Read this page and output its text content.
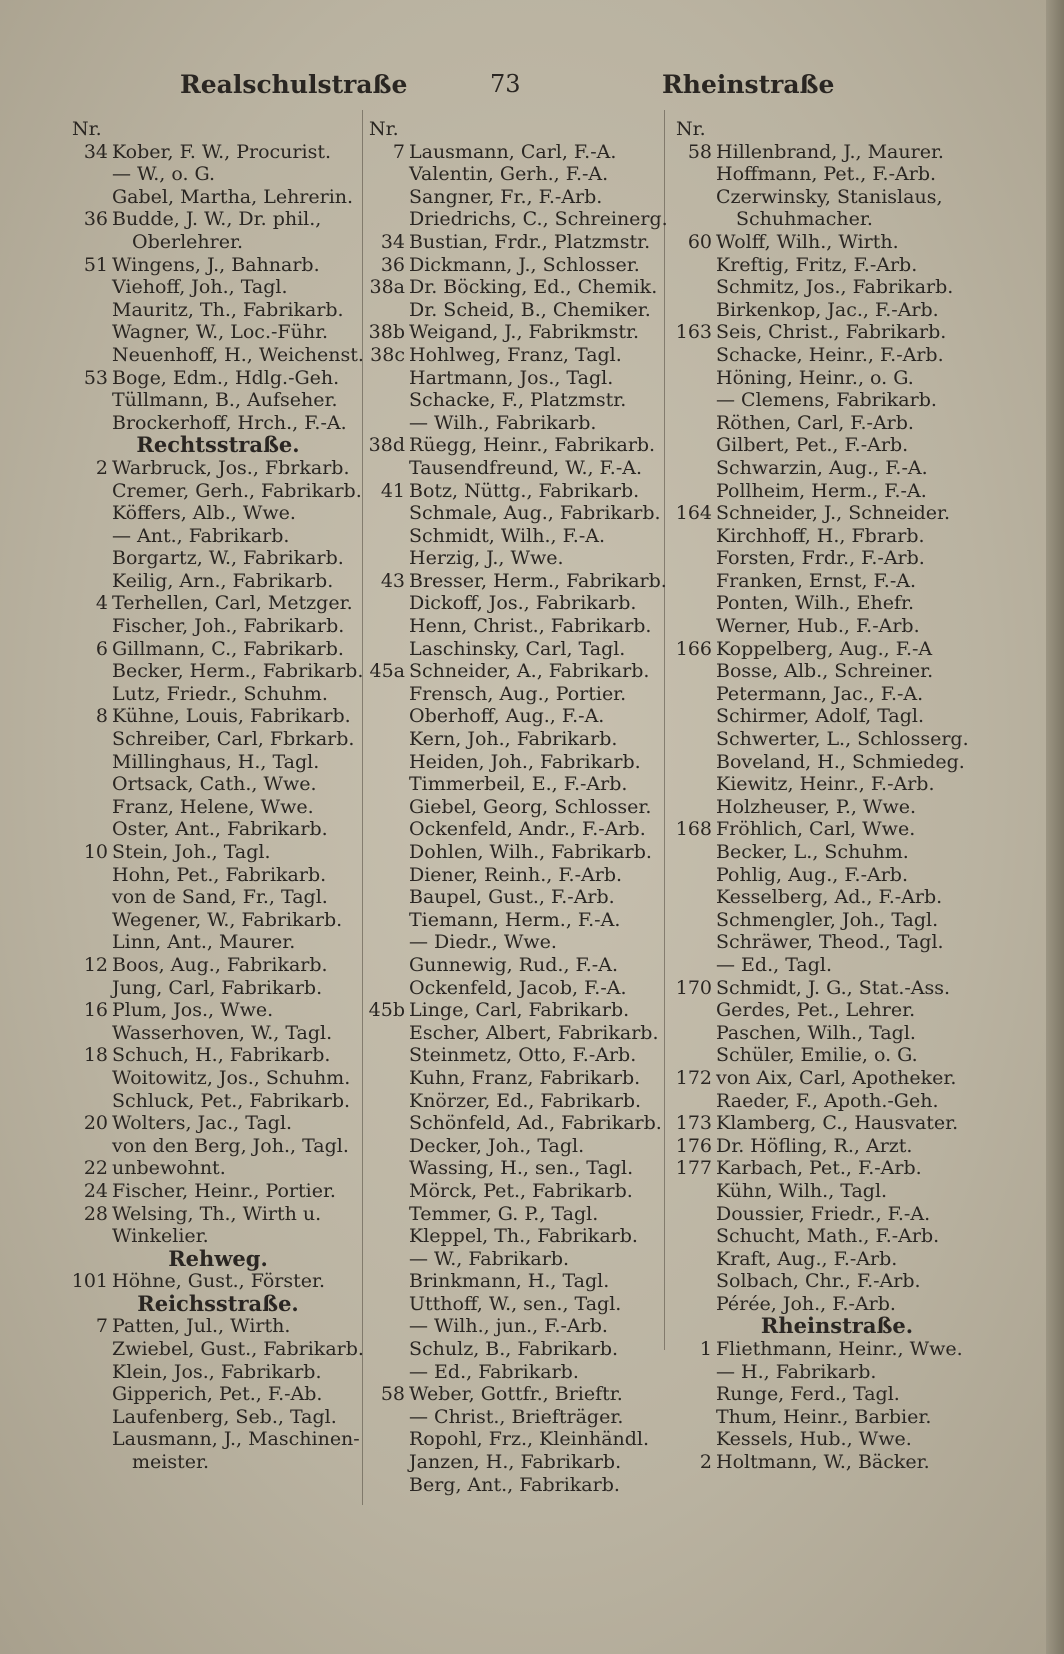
Realschulstraße	73	Rheinstraße
Nr.
34 Kober, F. W., Procurist.
— W., o. G.
Gabel, Martha, Lehrerin.
36 Budde, J. W., Dr. phil.,
Oberlehrer.
51 Wingens, J., Bahnarb.
Viehoff, Joh., Tagl.
Mauritz, Th., Fabrikarb.
Wagner, W., Loc.-Führ.
Neuenhoff, H., Weichenst.
53 Boge, Edm., Hdlg.-Geh.
Tüllmann, B., Aufseher.
Brockerhoff, Hrch., F.-A.
Rechtsstraße.
2 Warbruck, Jos., Fbrkarb.
Cremer, Gerh., Fabrikarb.
Köffers, Alb., Wwe.
— Ant., Fabrikarb.
Borgartz, W., Fabrikarb.
Keilig, Arn., Fabrikarb.
4 Terhellen, Carl, Metzger.
Fischer, Joh., Fabrikarb.
6 Gillmann, C., Fabrikarb.
Becker, Herm., Fabrikarb.
Lutz, Friedr., Schuhm.
8 Kühne, Louis, Fabrikarb.
Schreiber, Carl, Fbrkarb.
Millinghaus, H., Tagl.
Ortsack, Cath., Wwe.
Franz, Helene, Wwe.
Oster, Ant., Fabrikarb.
10 Stein, Joh., Tagl.
Hohn, Pet., Fabrikarb.
von de Sand, Fr., Tagl.
Wegener, W., Fabrikarb.
Linn, Ant., Maurer.
12 Boos, Aug., Fabrikarb.
Jung, Carl, Fabrikarb.
16 Plum, Jos., Wwe.
Wasserhoven, W., Tagl.
18 Schuch, H., Fabrikarb.
Woitowitz, Jos., Schuhm.
Schluck, Pet., Fabrikarb.
20 Wolters, Jac., Tagl.
von den Berg, Joh., Tagl.
22 unbewohnt.
24 Fischer, Heinr., Portier.
28 Welsing, Th., Wirth u.
Winkelier.
Rehweg.
101 Höhne, Gust., Förster.
Reichsstraße.
7 Patten, Jul., Wirth.
Zwiebel, Gust., Fabrikarb.
Klein, Jos., Fabrikarb.
Gipperich, Pet., F.-Ab.
Laufenberg, Seb., Tagl.
Lausmann, J., Maschinen-
meister.
Nr.
7 Lausmann, Carl, F.-A.
Valentin, Gerh., F.-A.
Sangner, Fr., F.-Arb.
Driedrichs, C., Schreinerg.
34 Bustian, Frdr., Platzmstr.
36 Dickmann, J., Schlosser.
38a Dr. Böcking, Ed., Chemik.
Dr. Scheid, B., Chemiker.
38b Weigand, J., Fabrikmstr.
38c Hohlweg, Franz, Tagl.
Hartmann, Jos., Tagl.
Schacke, F., Platzmstr.
— Wilh., Fabrikarb.
38d Rüegg, Heinr., Fabrikarb.
Tausendfreund, W., F.-A.
41 Botz, Nüttg., Fabrikarb.
Schmale, Aug., Fabrikarb.
Schmidt, Wilh., F.-A.
Herzig, J., Wwe.
43 Bresser, Herm., Fabrikarb.
Dickoff, Jos., Fabrikarb.
Henn, Christ., Fabrikarb.
Laschinsky, Carl, Tagl.
45a Schneider, A., Fabrikarb.
Frensch, Aug., Portier.
Oberhoff, Aug., F.-A.
Kern, Joh., Fabrikarb.
Heiden, Joh., Fabrikarb.
Timmerbeil, E., F.-Arb.
Giebel, Georg, Schlosser.
Ockenfeld, Andr., F.-Arb.
Dohlen, Wilh., Fabrikarb.
Diener, Reinh., F.-Arb.
Baupel, Gust., F.-Arb.
Tiemann, Herm., F.-A.
— Diedr., Wwe.
Gunnewig, Rud., F.-A.
Ockenfeld, Jacob, F.-A.
45b Linge, Carl, Fabrikarb.
Escher, Albert, Fabrikarb.
Steinmetz, Otto, F.-Arb.
Kuhn, Franz, Fabrikarb.
Knörzer, Ed., Fabrikarb.
Schönfeld, Ad., Fabrikarb.
Decker, Joh., Tagl.
Wassing, H., sen., Tagl.
Mörck, Pet., Fabrikarb.
Temmer, G. P., Tagl.
Kleppel, Th., Fabrikarb.
— W., Fabrikarb.
Brinkmann, H., Tagl.
Utthoff, W., sen., Tagl.
— Wilh., jun., F.-Arb.
Schulz, B., Fabrikarb.
— Ed., Fabrikarb.
58 Weber, Gottfr., Brieftr.
— Christ., Briefträger.
Ropohl, Frz., Kleinhändl.
Janzen, H., Fabrikarb.
Berg, Ant., Fabrikarb.
Nr.
58 Hillenbrand, J., Maurer.
Hoffmann, Pet., F.-Arb.
Czerwinsky, Stanislaus,
Schuhmacher.
60 Wolff, Wilh., Wirth.
Kreftig, Fritz, F.-Arb.
Schmitz, Jos., Fabrikarb.
Birkenkop, Jac., F.-Arb.
163 Seis, Christ., Fabrikarb.
Schacke, Heinr., F.-Arb.
Höning, Heinr., o. G.
— Clemens, Fabrikarb.
Röthen, Carl, F.-Arb.
Gilbert, Pet., F.-Arb.
Schwarzin, Aug., F.-A.
Pollheim, Herm., F.-A.
164 Schneider, J., Schneider.
Kirchhoff, H., Fbrarb.
Forsten, Frdr., F.-Arb.
Franken, Ernst, F.-A.
Ponten, Wilh., Ehefr.
Werner, Hub., F.-Arb.
166 Koppelberg, Aug., F.-A
Bosse, Alb., Schreiner.
Petermann, Jac., F.-A.
Schirmer, Adolf, Tagl.
Schwerter, L., Schlosserg.
Boveland, H., Schmiedeg.
Kiewitz, Heinr., F.-Arb.
Holzheuser, P., Wwe.
168 Fröhlich, Carl, Wwe.
Becker, L., Schuhm.
Pohlig, Aug., F.-Arb.
Kesselberg, Ad., F.-Arb.
Schmengler, Joh., Tagl.
Schräwer, Theod., Tagl.
— Ed., Tagl.
170 Schmidt, J. G., Stat.-Ass.
Gerdes, Pet., Lehrer.
Paschen, Wilh., Tagl.
Schüler, Emilie, o. G.
172 von Aix, Carl, Apotheker.
Raeder, F., Apoth.-Geh.
173 Klamberg, C., Hausvater.
176 Dr. Höfling, R., Arzt.
177 Karbach, Pet., F.-Arb.
Kühn, Wilh., Tagl.
Doussier, Friedr., F.-A.
Schucht, Math., F.-Arb.
Kraft, Aug., F.-Arb.
Solbach, Chr., F.-Arb.
Pérée, Joh., F.-Arb.
Rheinstraße.
1 Fliethmann, Heinr., Wwe.
— H., Fabrikarb.
Runge, Ferd., Tagl.
Thum, Heinr., Barbier.
Kessels, Hub., Wwe.
2 Holtmann, W., Bäcker.
